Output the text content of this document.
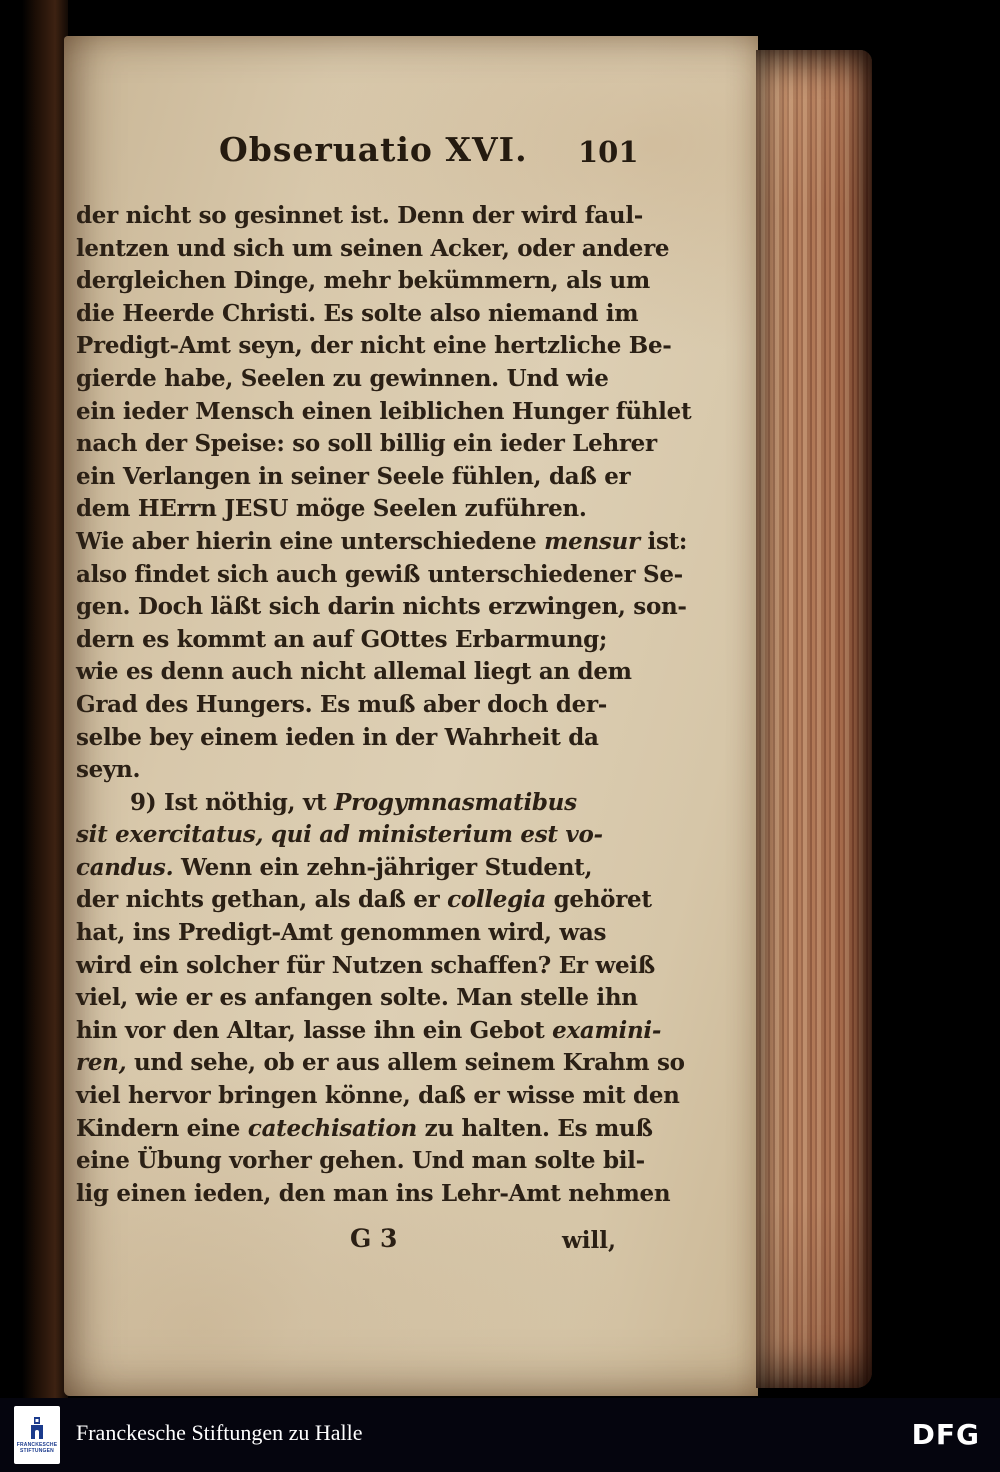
Obseruatio XVI. 101
der nicht so gesinnet ist. Denn der wird faul-
lentzen und sich um seinen Acker, oder andere
dergleichen Dinge, mehr bekümmern, als um
die Heerde Christi. Es solte also niemand im
Predigt-Amt seyn, der nicht eine hertzliche Be-
gierde habe, Seelen zu gewinnen. Und wie
ein ieder Mensch einen leiblichen Hunger fühlet
nach der Speise: so soll billig ein ieder Lehrer
ein Verlangen in seiner Seele fühlen, daß er
dem HErrn JESU möge Seelen zuführen.
Wie aber hierin eine unterschiedene mensur ist:
also findet sich auch gewiß unterschiedener Se-
gen. Doch läßt sich darin nichts erzwingen, son-
dern es kommt an auf GOttes Erbarmung;
wie es denn auch nicht allemal liegt an dem
Grad des Hungers. Es muß aber doch der-
selbe bey einem ieden in der Wahrheit da
seyn.
9) Ist nöthig, vt Progymnasmatibus
sit exercitatus, qui ad ministerium est vo-
candus. Wenn ein zehn-jähriger Student,
der nichts gethan, als daß er collegia gehöret
hat, ins Predigt-Amt genommen wird, was
wird ein solcher für Nutzen schaffen? Er weiß
viel, wie er es anfangen solte. Man stelle ihn
hin vor den Altar, lasse ihn ein Gebot examini-
ren, und sehe, ob er aus allem seinem Krahm so
viel hervor bringen könne, daß er wisse mit den
Kindern eine catechisation zu halten. Es muß
eine Übung vorher gehen. Und man solte bil-
lig einen ieden, den man ins Lehr-Amt nehmen
G 3	will,
FRANCKESCHE
STIFTUNGEN
Franckesche Stiftungen zu Halle	DFG
